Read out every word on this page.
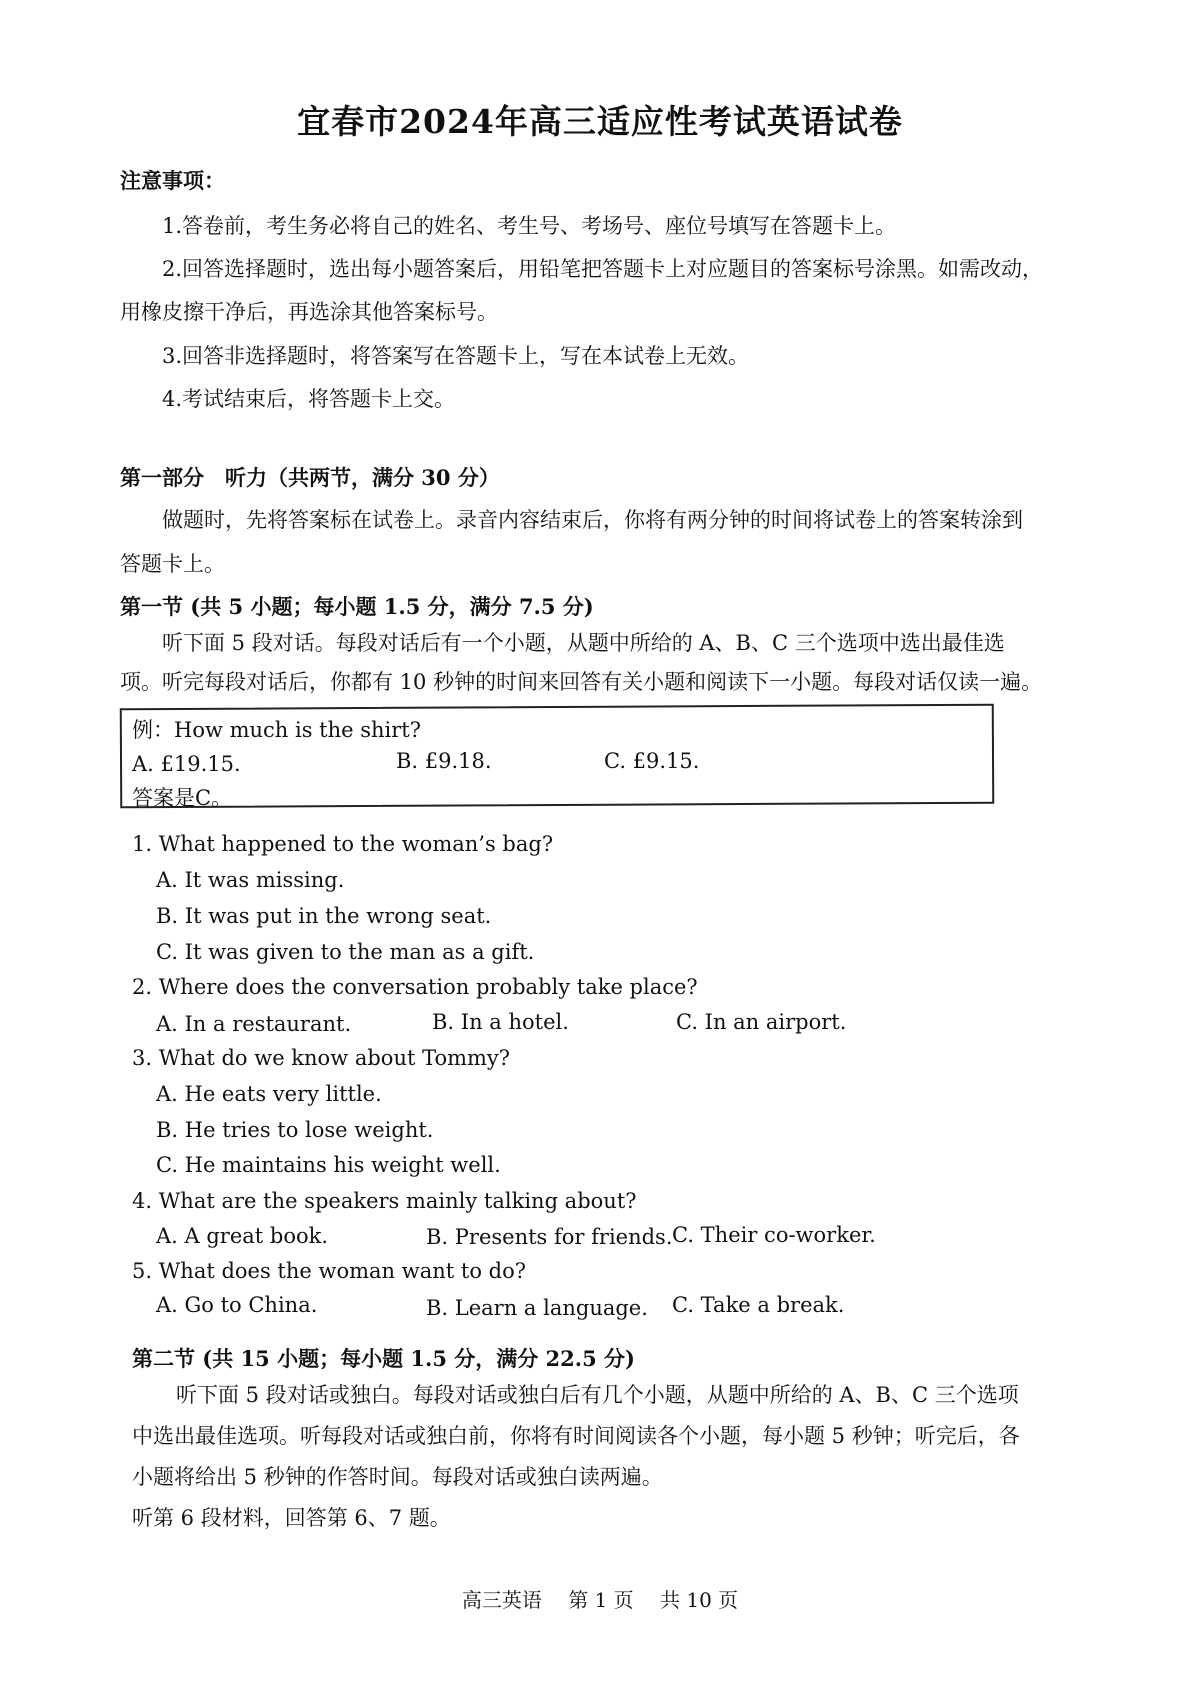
宜春市2024年高三适应性考试英语试卷
注意事项：
1.答卷前，考生务必将自己的姓名、考生号、考场号、座位号填写在答题卡上。
2.回答选择题时，选出每小题答案后，用铅笔把答题卡上对应题目的答案标号涂黑。如需改动，
用橡皮擦干净后，再选涂其他答案标号。
3.回答非选择题时，将答案写在答题卡上，写在本试卷上无效。
4.考试结束后，将答题卡上交。
第一部分　听力（共两节，满分 30 分）
做题时，先将答案标在试卷上。录音内容结束后，你将有两分钟的时间将试卷上的答案转涂到
答题卡上。
第一节 (共 5 小题；每小题 1.5 分，满分 7.5 分)
听下面 5 段对话。每段对话后有一个小题，从题中所给的 A、B、C 三个选项中选出最佳选
项。听完每段对话后，你都有 10 秒钟的时间来回答有关小题和阅读下一小题。每段对话仅读一遍。
例：How much is the shirt?
A. £19.15.	B. £9.18.	C. £9.15.
答案是C。
1. What happened to the woman’s bag?
A. It was missing.
B. It was put in the wrong seat.
C. It was given to the man as a gift.
2. Where does the conversation probably take place?
A. In a restaurant.	B. In a hotel.	C. In an airport.
3. What do we know about Tommy?
A. He eats very little.
B. He tries to lose weight.
C. He maintains his weight well.
4. What are the speakers mainly talking about?
A. A great book.	B. Presents for friends. C. Their co-worker.
5. What does the woman want to do?
A. Go to China.	B. Learn a language. C. Take a break.
第二节 (共 15 小题；每小题 1.5 分，满分 22.5 分)
听下面 5 段对话或独白。每段对话或独白后有几个小题，从题中所给的 A、B、C 三个选项
中选出最佳选项。听每段对话或独白前，你将有时间阅读各个小题，每小题 5 秒钟；听完后，各
小题将给出 5 秒钟的作答时间。每段对话或独白读两遍。
听第 6 段材料，回答第 6、7 题。
高三英语 第 1 页 共 10 页
